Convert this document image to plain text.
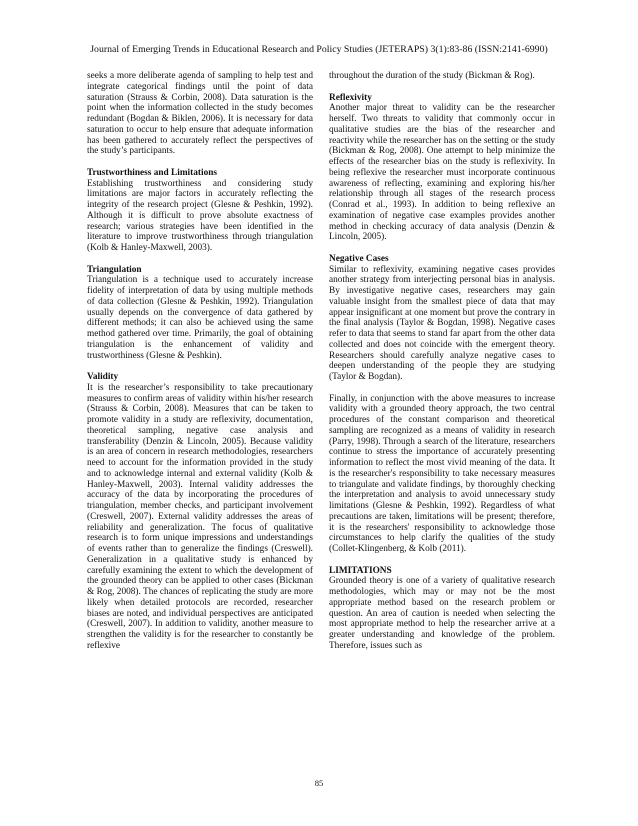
Journal of Emerging Trends in Educational Research and Policy Studies (JETERAPS) 3(1):83-86 (ISSN:2141-6990)

seeks a more deliberate agenda of sampling to help test and integrate categorical findings until the point of data saturation (Strauss & Corbin, 2008). Data saturation is the point when the information collected in the study becomes redundant (Bogdan & Biklen, 2006). It is necessary for data saturation to occur to help ensure that adequate information has been gathered to accurately reflect the perspectives of the study’s participants.

Trustworthiness and Limitations

Establishing trustworthiness and considering study limitations are major factors in accurately reflecting the integrity of the research project (Glesne & Peshkin, 1992). Although it is difficult to prove absolute exactness of research; various strategies have been identified in the literature to improve trustworthiness through triangulation (Kolb & Hanley-Maxwell, 2003).

Triangulation

Triangulation is a technique used to accurately increase fidelity of interpretation of data by using multiple methods of data collection (Glesne & Peshkin, 1992). Triangulation usually depends on the convergence of data gathered by different methods; it can also be achieved using the same method gathered over time. Primarily, the goal of obtaining triangulation is the enhancement of validity and trustworthiness (Glesne & Peshkin).

Validity

It is the researcher’s responsibility to take precautionary measures to confirm areas of validity within his/her research (Strauss & Corbin, 2008). Measures that can be taken to promote validity in a study are reflexivity, documentation, theoretical sampling, negative case analysis and transferability (Denzin & Lincoln, 2005). Because validity is an area of concern in research methodologies, researchers need to account for the information provided in the study and to acknowledge internal and external validity (Kolb & Hanley-Maxwell, 2003). Internal validity addresses the accuracy of the data by incorporating the procedures of triangulation, member checks, and participant involvement (Creswell, 2007). External validity addresses the areas of reliability and generalization. The focus of qualitative research is to form unique impressions and understandings of events rather than to generalize the findings (Creswell). Generalization in a qualitative study is enhanced by carefully examining the extent to which the development of the grounded theory can be applied to other cases (Bickman & Rog, 2008). The chances of replicating the study are more likely when detailed protocols are recorded, researcher biases are noted, and individual perspectives are anticipated (Creswell, 2007). In addition to validity, another measure to strengthen the validity is for the researcher to constantly be reflexive

throughout the duration of the study (Bickman & Rog).

Reflexivity

Another major threat to validity can be the researcher herself. Two threats to validity that commonly occur in qualitative studies are the bias of the researcher and reactivity while the researcher has on the setting or the study (Bickman & Rog, 2008). One attempt to help minimize the effects of the researcher bias on the study is reflexivity. In being reflexive the researcher must incorporate continuous awareness of reflecting, examining and exploring his/her relationship through all stages of the research process (Conrad et al., 1993). In addition to being reflexive an examination of negative case examples provides another method in checking accuracy of data analysis (Denzin & Lincoln, 2005).

Negative Cases

Similar to reflexivity, examining negative cases provides another strategy from interjecting personal bias in analysis. By investigative negative cases, researchers may gain valuable insight from the smallest piece of data that may appear insignificant at one moment but prove the contrary in the final analysis (Taylor & Bogdan, 1998). Negative cases refer to data that seems to stand far apart from the other data collected and does not coincide with the emergent theory. Researchers should carefully analyze negative cases to deepen understanding of the people they are studying (Taylor & Bogdan).

Finally, in conjunction with the above measures to increase validity with a grounded theory approach, the two central procedures of the constant comparison and theoretical sampling are recognized as a means of validity in research (Parry, 1998). Through a search of the literature, researchers continue to stress the importance of accurately presenting information to reflect the most vivid meaning of the data. It is the researcher's responsibility to take necessary measures to triangulate and validate findings, by thoroughly checking the interpretation and analysis to avoid unnecessary study limitations (Glesne & Peshkin, 1992). Regardless of what precautions are taken, limitations will be present; therefore, it is the researchers' responsibility to acknowledge those circumstances to help clarify the qualities of the study (Collet-Klingenberg, & Kolb (2011).

LIMITATIONS

Grounded theory is one of a variety of qualitative research methodologies, which may or may not be the most appropriate method based on the research problem or question. An area of caution is needed when selecting the most appropriate method to help the researcher arrive at a greater understanding and knowledge of the problem. Therefore, issues such as

85
